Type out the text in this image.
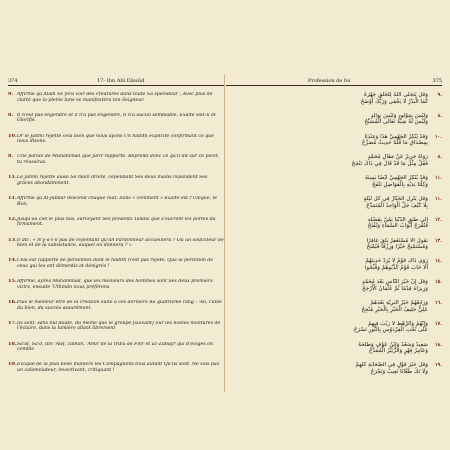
374	17- Ibn Abî Dâwûd
9. Affirme qu'Allah Se fera voir des créatures dans toute Sa splendeur ; Avec plus de clarté que la pleine lune se manifestera ton Seigneur.
8. Il n'est pas engendré et il n'a pas engendré, Il n'a aucun semblable, Exalté soit-Il et Glorifié.
10. Or le Jahmî rejette cela bien que nous ayons Un hadîth explicite confirmant ce que nous disons.
8. Une parole de Muhammad que Jarîr rapporte. Reprend donc ce qu'il dit sur ce point, tu réussiras.
11. Le Jahmî rejette aussi Sa main droite, cependant Ses deux mains répandent Ses grâces abondamment.
11. Affirme qu'Al-Jabbâr descend chaque nuit, Sans « comment » Exalté est l'Unique, le Bon,
12. Jusqu'au ciel le plus bas, surveyant Ses présents Tandis que s'ouvrent les portes du firmament.
13. Il dit : « N'y-a-t-il pas de repentant qu'un Pardonneur accueillera ? Ou un solliciteur de bien et de la subsistance, auquel on donnera ? »
14. Cela est rapporté de personnes dont le hadîth n'est pas rejeté, Que la perdition de ceux qui les ont démentis et dénigrés !
15. Affirme, après Muhammad, que les meilleurs des hommes sont Ses deux premiers vizirs, ensuite 'Uthmân nous préférons
16. Puis le meilleur être de la création suite à ces derniers Au quatrième rang : 'Alî, l'allié du bien, du succès assurément.
17. Ils sont, sans nul doute, du même que le groupe [suivant] Sur les nobles montures de l'éclaire, dans la lumière allant librement
18. Sa'îd, Sa'd, Ibn 'Awf, Talhah, 'Âmir de la tribu de Fihr et az-Zubayr qui d'éloges on comble
19. Évoque de la plus belle manière les Compagnons tous autant Qu'ils sont. Ne sois pas un calomniateur, invectivant, critiquant !
Profession de foi	375
وَقُلْ يَتَجَلَّى اللهُ لِلْخَلْقِ جَهْرَةً
كَمَا الْبَدْرُ لَا يَخْفَى وَرَبُّكَ أَوْضَحُ
٩.
وَلَيْسَ بِمَوْلُودٍ وَلَيْسَ بِوَالِدٍ
وَلَيْسَ لَهُ شِبْهٌ تَعَالَى الْمُسَبَّحُ
٨.
وَقَدْ يُنْكِرُ الْجَهْمِيُّ هَذَا وَعِنْدَنَا
بِمِصْدَاقِ مَا قُلْنَا حَدِيثٌ مُصَرِّحُ
١٠.
رَوَاهُ جَرِيرٌ عَنْ مَقَالِ مُحَمَّدٍ
فَقُلْ مِثْلَ مَا قَدْ قَالَ فِي ذَاكَ تَنْجَحُ
٨.
وَقَدْ يُنْكِرُ الْجَهْمِيُّ أَيْضًا يَمِينَهُ
وَكِلْتَا يَدَيْهِ بِالْفَوَاضِلِ تَنْفَحُ
١١.
وَقُلْ يَنْزِلُ الْجَبَّارُ فِي كُلِّ لَيْلَةٍ
بِلَا كَيْفَ جَلَّ الْوَاحِدُ الْمُتَمَدَّحُ
١١.
إِلَى طَبَقِ الدُّنْيَا يَمُنُّ بِفَضْلِهِ
فَتُفْرَجُ أَبْوَابُ السَّمَاءِ وَتُفْتَحُ
١٢.
يَقُولُ أَلَا مُسْتَغْفِرٌ يَلْقَ غَافِرًا
وَمُسْتَمْنِحٌ خَيْرًا وَرِزْقًا فَيُمْنَحُ
١٣.
رَوَى ذَاكَ قَوْمٌ لَا يُرَدُّ حَدِيثُهُمْ
أَلَا خَابَ قَوْمٌ كَذَّبُوهُمْ وَقُبِّحُوا
١٤.
وَقُلْ إِنَّ خَيْرَ النَّاسِ بَعْدَ مُحَمَّدٍ
وَزِيرَاهُ قِدْمًا ثُمَّ عُثْمَانُ الْأَرْجَحُ
١٥.
وَرَابِعُهُمْ خَيْرُ الْبَرِيَّةِ بَعْدَهُمْ
عَلِيٌّ حَلِيفُ الْخَيْرِ بِالْخَيْرِ مُنْجِحُ
١٦.
وَإِنَّهُمُ وَالرَّهْطُ لَا رَيْبَ فِيهِمُ
عَلَى نُجُبِ الْفِرْدَوْسِ بِالنُّورِ تَسْرَحُ
١٧.
سَعِيدٌ وَسَعْدٌ وَابْنُ عَوْفٍ وَطَلْحَةٌ
وَعَامِرُ فِهْرٍ وَالزُّبَيْرُ الْمُمَدَّحُ
١٨.
وَقُلْ خَيْرَ قَوْلٍ فِي الصَّحَابَةِ كُلِّهِمْ
وَلَا تَكُ طَعَّانًا تَعِيبُ وَتَجْرَحُ
١٩.
